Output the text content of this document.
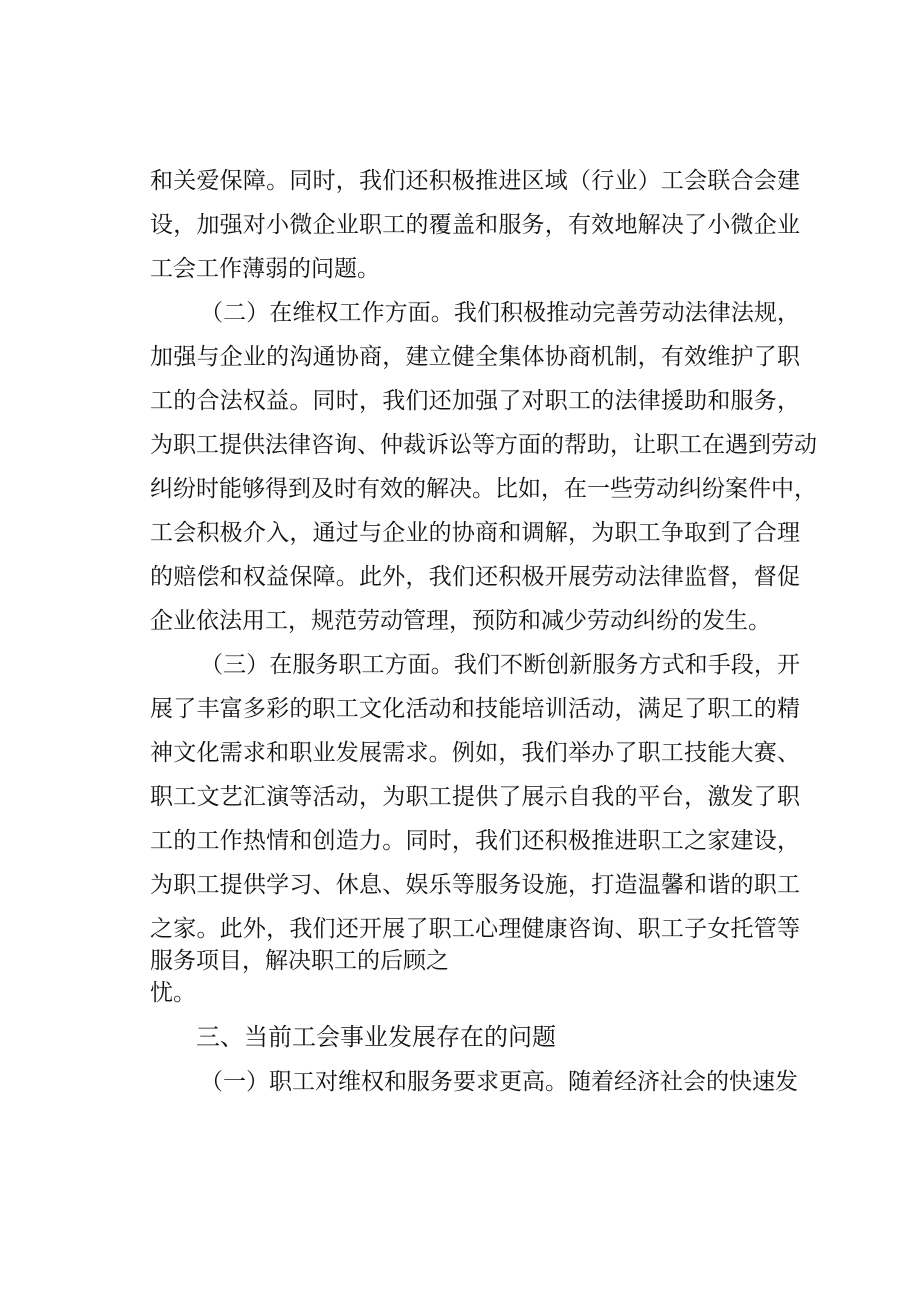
和关爱保障。同时，我们还积极推进区域（行业）工会联合会建
设，加强对小微企业职工的覆盖和服务，有效地解决了小微企业
工会工作薄弱的问题。
（二）在维权工作方面。我们积极推动完善劳动法律法规，
加强与企业的沟通协商，建立健全集体协商机制，有效维护了职
工的合法权益。同时，我们还加强了对职工的法律援助和服务，
为职工提供法律咨询、仲裁诉讼等方面的帮助，让职工在遇到劳动
纠纷时能够得到及时有效的解决。比如，在一些劳动纠纷案件中，
工会积极介入，通过与企业的协商和调解，为职工争取到了合理
的赔偿和权益保障。此外，我们还积极开展劳动法律监督，督促
企业依法用工，规范劳动管理，预防和减少劳动纠纷的发生。
（三）在服务职工方面。我们不断创新服务方式和手段，开
展了丰富多彩的职工文化活动和技能培训活动，满足了职工的精
神文化需求和职业发展需求。例如，我们举办了职工技能大赛、
职工文艺汇演等活动，为职工提供了展示自我的平台，激发了职
工的工作热情和创造力。同时，我们还积极推进职工之家建设，
为职工提供学习、休息、娱乐等服务设施，打造温馨和谐的职工
之家。此外，我们还开展了职工心理健康咨询、职工子女托管等
服务项目，解决职工的后顾之
忧。
三、当前工会事业发展存在的问题
（一）职工对维权和服务要求更高。随着经济社会的快速发
